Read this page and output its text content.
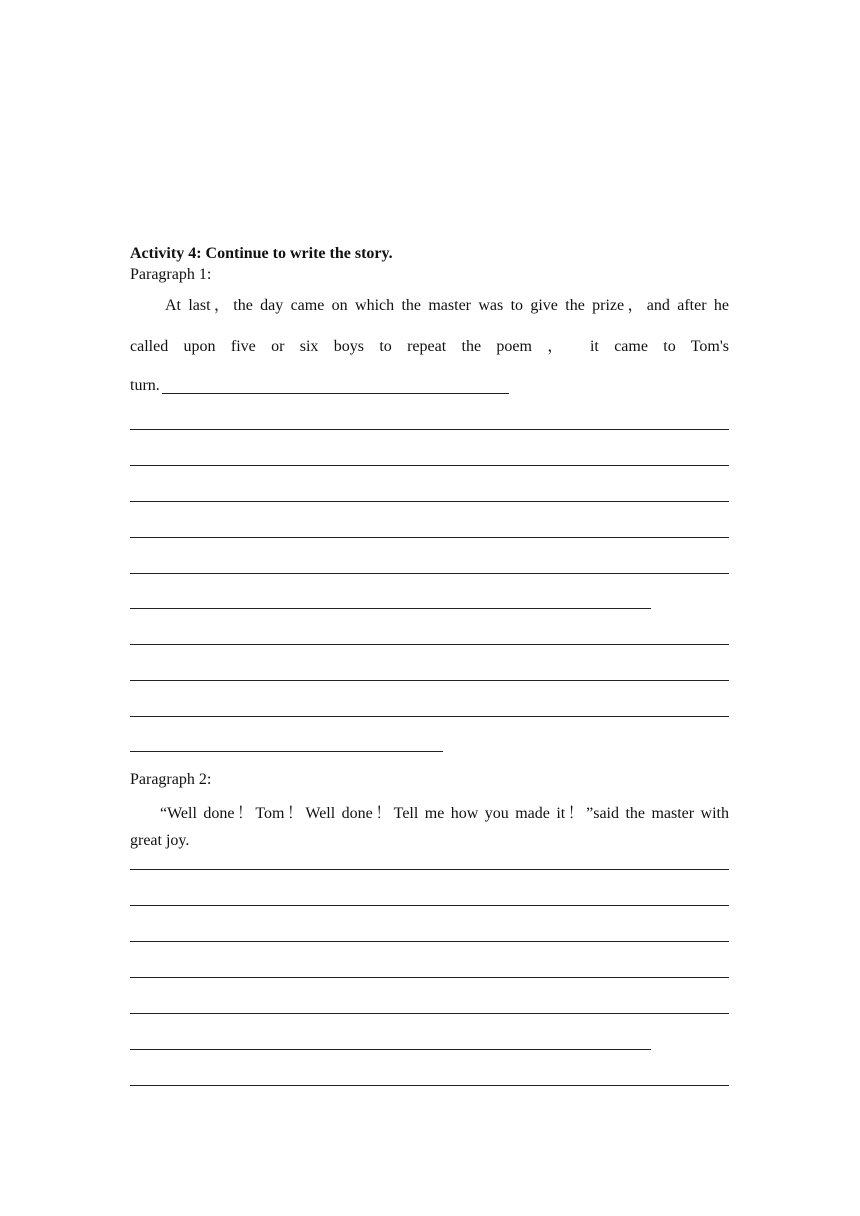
Activity 4: Continue to write the story.
Paragraph 1:
At last，the day came on which the master was to give the prize，and after he
called upon five or six boys to repeat the poem ， it came to Tom's
turn.
Paragraph 2:
“Well done！Tom！Well done！Tell me how you made it！”said the master with
great joy.
